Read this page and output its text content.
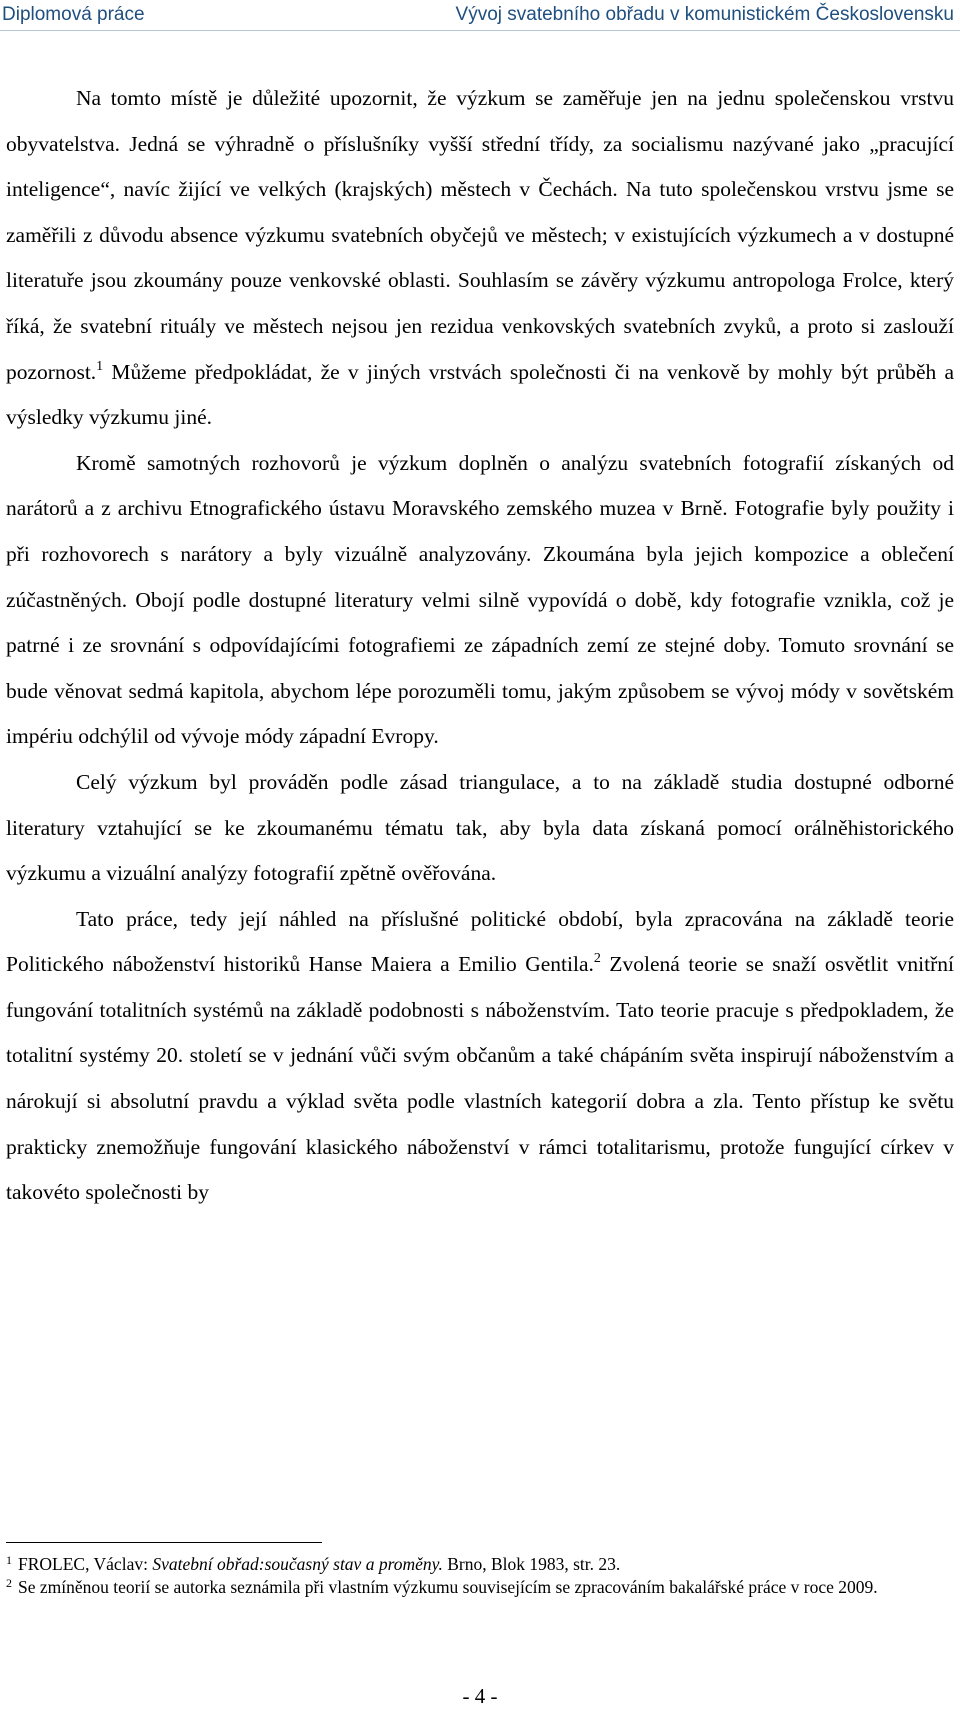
Diplomová práce	Vývoj svatebního obřadu v komunistickém Československu

Na tomto místě je důležité upozornit, že výzkum se zaměřuje jen na jednu společenskou vrstvu obyvatelstva. Jedná se výhradně o příslušníky vyšší střední třídy, za socialismu nazývané jako „pracující inteligence“, navíc žijící ve velkých (krajských) městech v Čechách. Na tuto společenskou vrstvu jsme se zaměřili z důvodu absence výzkumu svatebních obyčejů ve městech; v existujících výzkumech a v dostupné literatuře jsou zkoumány pouze venkovské oblasti. Souhlasím se závěry výzkumu antropologa Frolce, který říká, že svatební rituály ve městech nejsou jen rezidua venkovských svatebních zvyků, a proto si zaslouží pozornost.$^1$ Můžeme předpokládat, že v jiných vrstvách společnosti či na venkově by mohly být průběh a výsledky výzkumu jiné.

Kromě samotných rozhovorů je výzkum doplněn o analýzu svatebních fotografií získaných od narátorů a z archivu Etnografického ústavu Moravského zemského muzea v Brně. Fotografie byly použity i při rozhovorech s narátory a byly vizuálně analyzovány. Zkoumána byla jejich kompozice a oblečení zúčastněných. Obojí podle dostupné literatury velmi silně vypovídá o době, kdy fotografie vznikla, což je patrné i ze srovnání s odpovídajícími fotografiemi ze západních zemí ze stejné doby. Tomuto srovnání se bude věnovat sedmá kapitola, abychom lépe porozuměli tomu, jakým způsobem se vývoj módy v sovětském impériu odchýlil od vývoje módy západní Evropy.

Celý výzkum byl prováděn podle zásad triangulace, a to na základě studia dostupné odborné literatury vztahující se ke zkoumanému tématu tak, aby byla data získaná pomocí orálněhistorického výzkumu a vizuální analýzy fotografií zpětně ověřována.

Tato práce, tedy její náhled na příslušné politické období, byla zpracována na základě teorie Politického náboženství historiků Hanse Maiera a Emilio Gentila.$^2$ Zvolená teorie se snaží osvětlit vnitřní fungování totalitních systémů na základě podobnosti s náboženstvím. Tato teorie pracuje s předpokladem, že totalitní systémy 20. století se v jednání vůči svým občanům a také chápáním světa inspirují náboženstvím a nárokují si absolutní pravdu a výklad světa podle vlastních kategorií dobra a zla. Tento přístup ke světu prakticky znemožňuje fungování klasického náboženství v rámci totalitarismu, protože fungující církev v takovéto společnosti by

$^1$ FROLEC, Václav: Svatební obřad:současný stav a proměny. Brno, Blok 1983, str. 23.
$^2$ Se zmíněnou teorií se autorka seznámila při vlastním výzkumu souvisejícím se zpracováním bakalářské práce v roce 2009.
- 4 -
